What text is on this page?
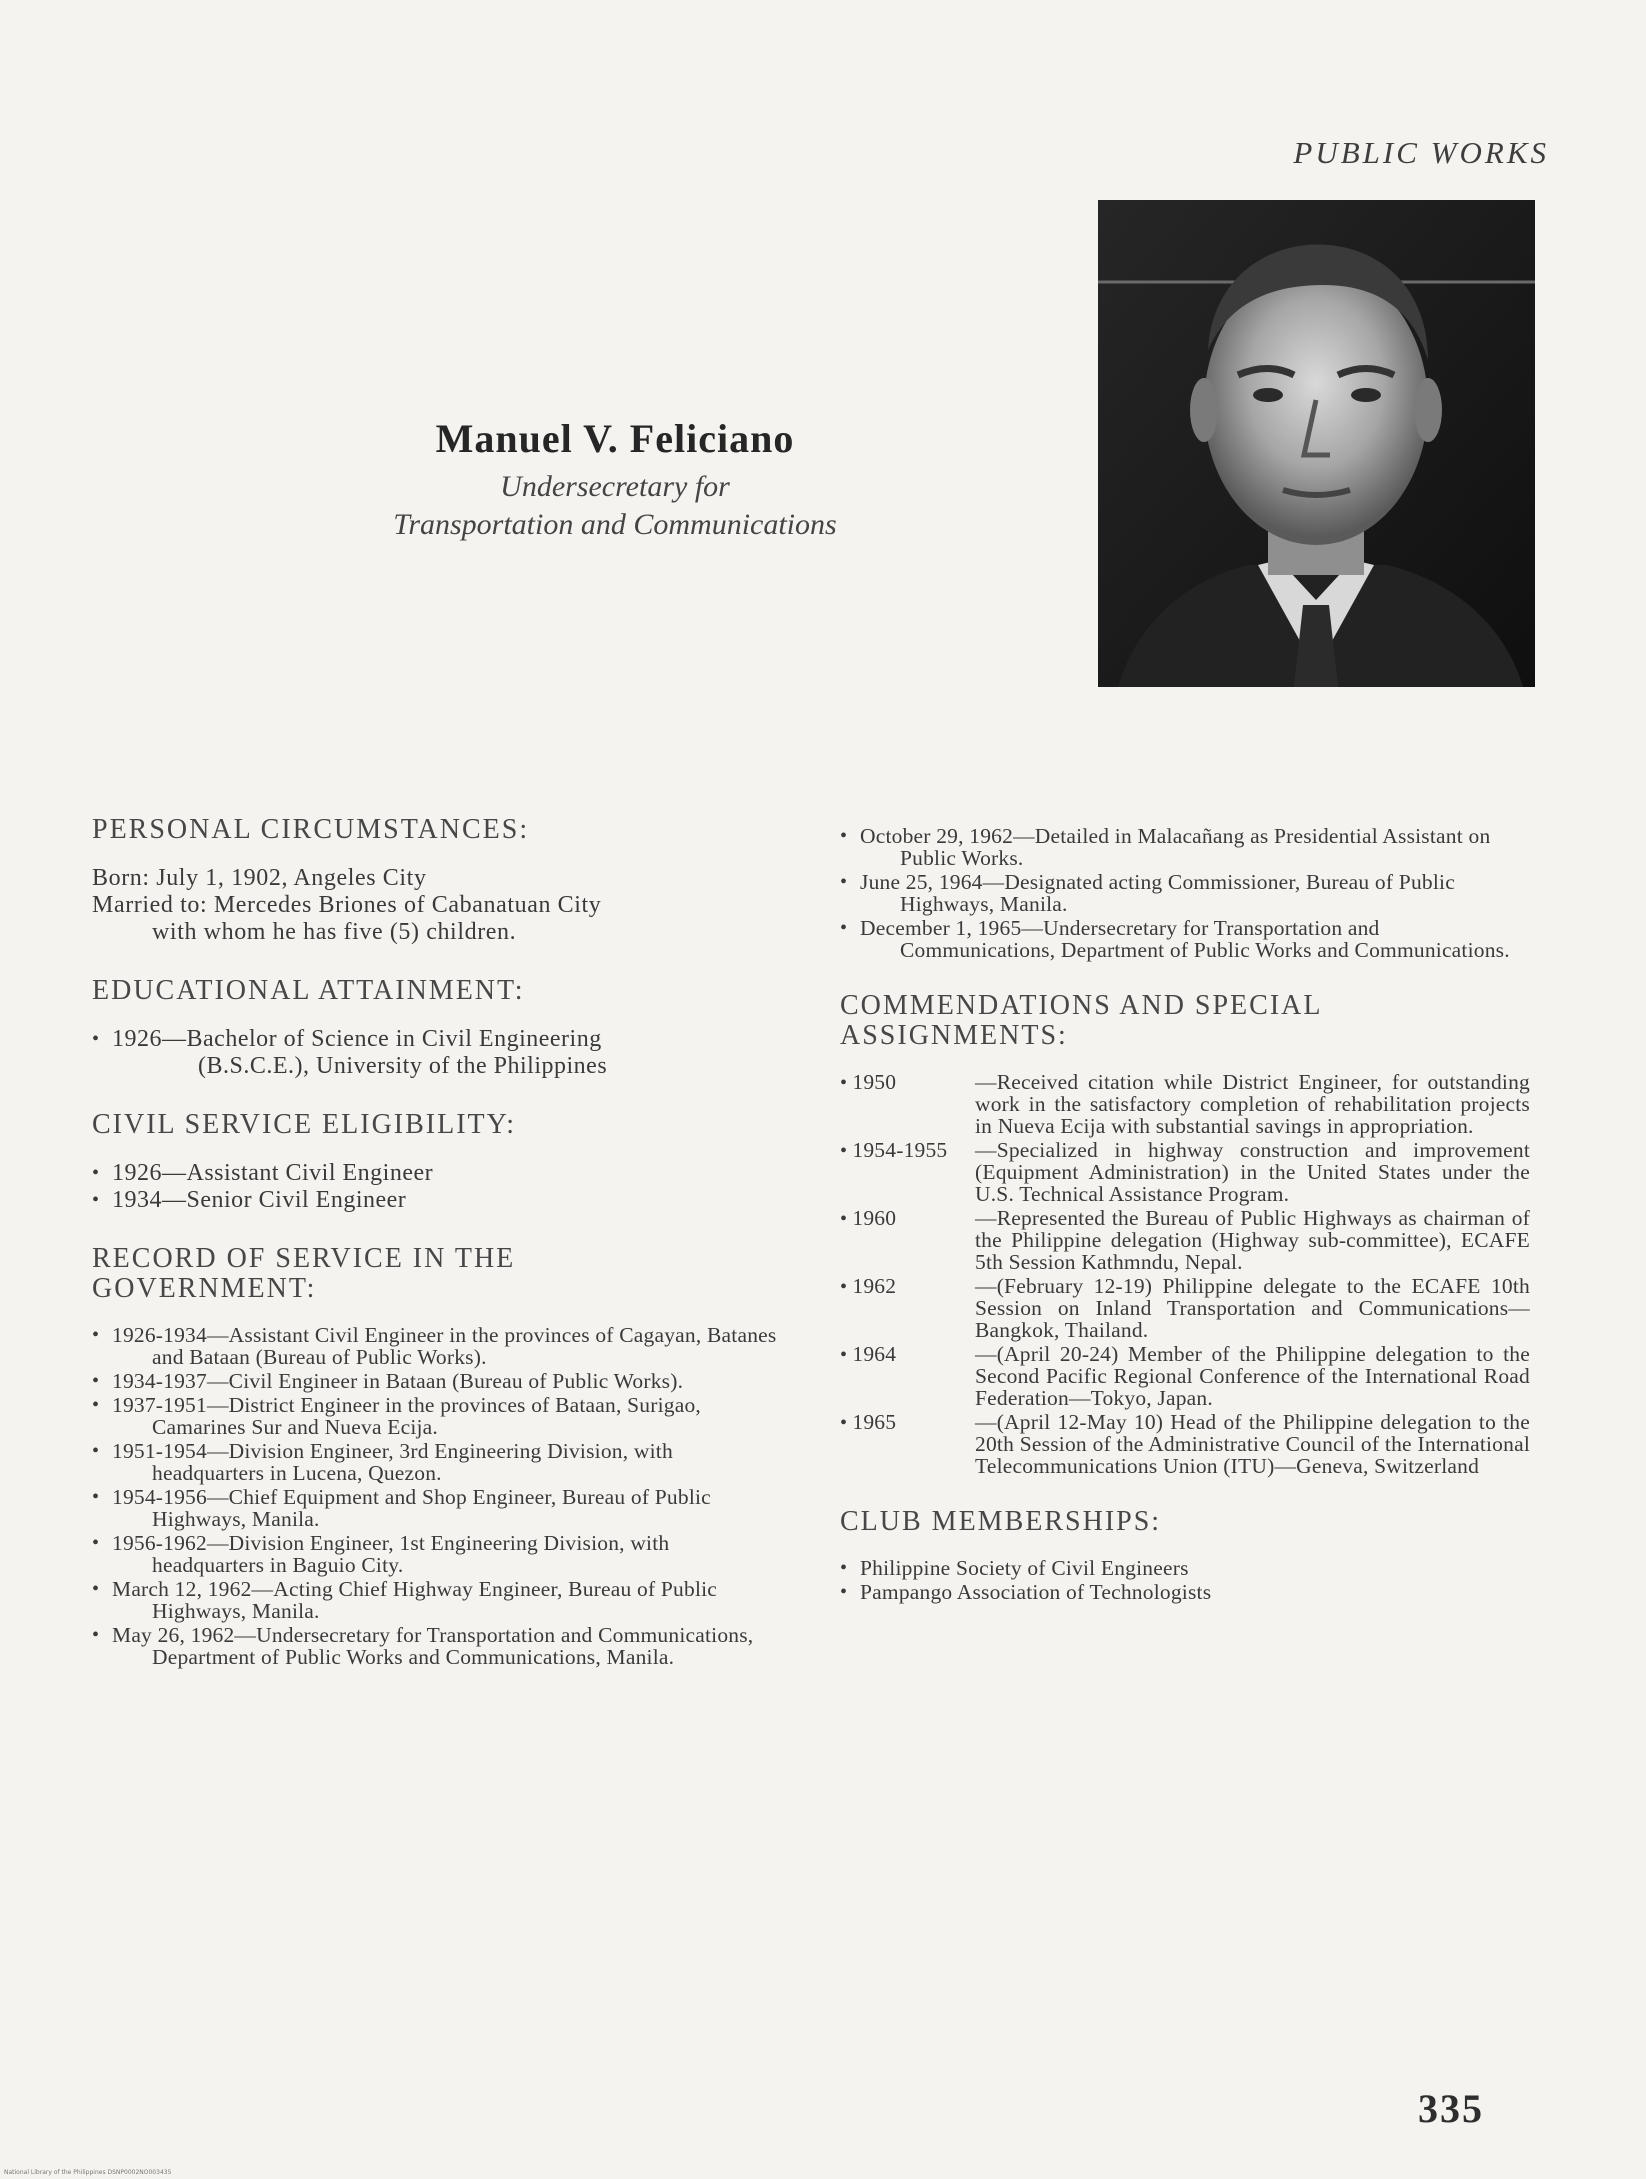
PUBLIC WORKS
Manuel V. Feliciano
Undersecretary for
Transportation and Communications
PERSONAL CIRCUMSTANCES:
Born: July 1, 1902, Angeles City
Married to: Mercedes Briones of Cabanatuan City
with whom he has five (5) children.
EDUCATIONAL ATTAINMENT:
• 1926—Bachelor of Science in Civil Engineering
(B.S.C.E.), University of the Philippines
CIVIL SERVICE ELIGIBILITY:
• 1926—Assistant Civil Engineer
• 1934—Senior Civil Engineer
RECORD OF SERVICE IN THE
GOVERNMENT:
• 1926-1934—Assistant Civil Engineer in the provinces of Cagayan, Batanes and Bataan (Bureau of Public Works).
• 1934-1937—Civil Engineer in Bataan (Bureau of Public Works).
• 1937-1951—District Engineer in the provinces of Bataan, Surigao, Camarines Sur and Nueva Ecija.
• 1951-1954—Division Engineer, 3rd Engineering Division, with headquarters in Lucena, Quezon.
• 1954-1956—Chief Equipment and Shop Engineer, Bureau of Public Highways, Manila.
• 1956-1962—Division Engineer, 1st Engineering Division, with headquarters in Baguio City.
• March 12, 1962—Acting Chief Highway Engineer, Bureau of Public Highways, Manila.
• May 26, 1962—Undersecretary for Transportation and Communications, Department of Public Works and Communications, Manila.
• October 29, 1962—Detailed in Malacañang as Presidential Assistant on Public Works.
• June 25, 1964—Designated acting Commissioner, Bureau of Public Highways, Manila.
• December 1, 1965—Undersecretary for Transportation and Communications, Department of Public Works and Communications.
COMMENDATIONS AND SPECIAL
ASSIGNMENTS:
• 1950	—Received citation while District Engineer, for outstanding work in the satisfactory completion of rehabilitation projects in Nueva Ecija with substantial savings in appropriation.
• 1954-1955	—Specialized in highway construction and improvement (Equipment Administration) in the United States under the U.S. Technical Assistance Program.
• 1960	—Represented the Bureau of Public Highways as chairman of the Philippine delegation (Highway sub-committee), ECAFE 5th Session Kathmndu, Nepal.
• 1962	—(February 12-19) Philippine delegate to the ECAFE 10th Session on Inland Transportation and Communications—Bangkok, Thailand.
• 1964	—(April 20-24) Member of the Philippine delegation to the Second Pacific Regional Conference of the International Road Federation—Tokyo, Japan.
• 1965	—(April 12-May 10) Head of the Philippine delegation to the 20th Session of the Administrative Council of the International Telecommunications Union (ITU)—Geneva, Switzerland
CLUB MEMBERSHIPS:
• Philippine Society of Civil Engineers
• Pampango Association of Technologists
335
National Library of the Philippines DSNP0002NO003435
